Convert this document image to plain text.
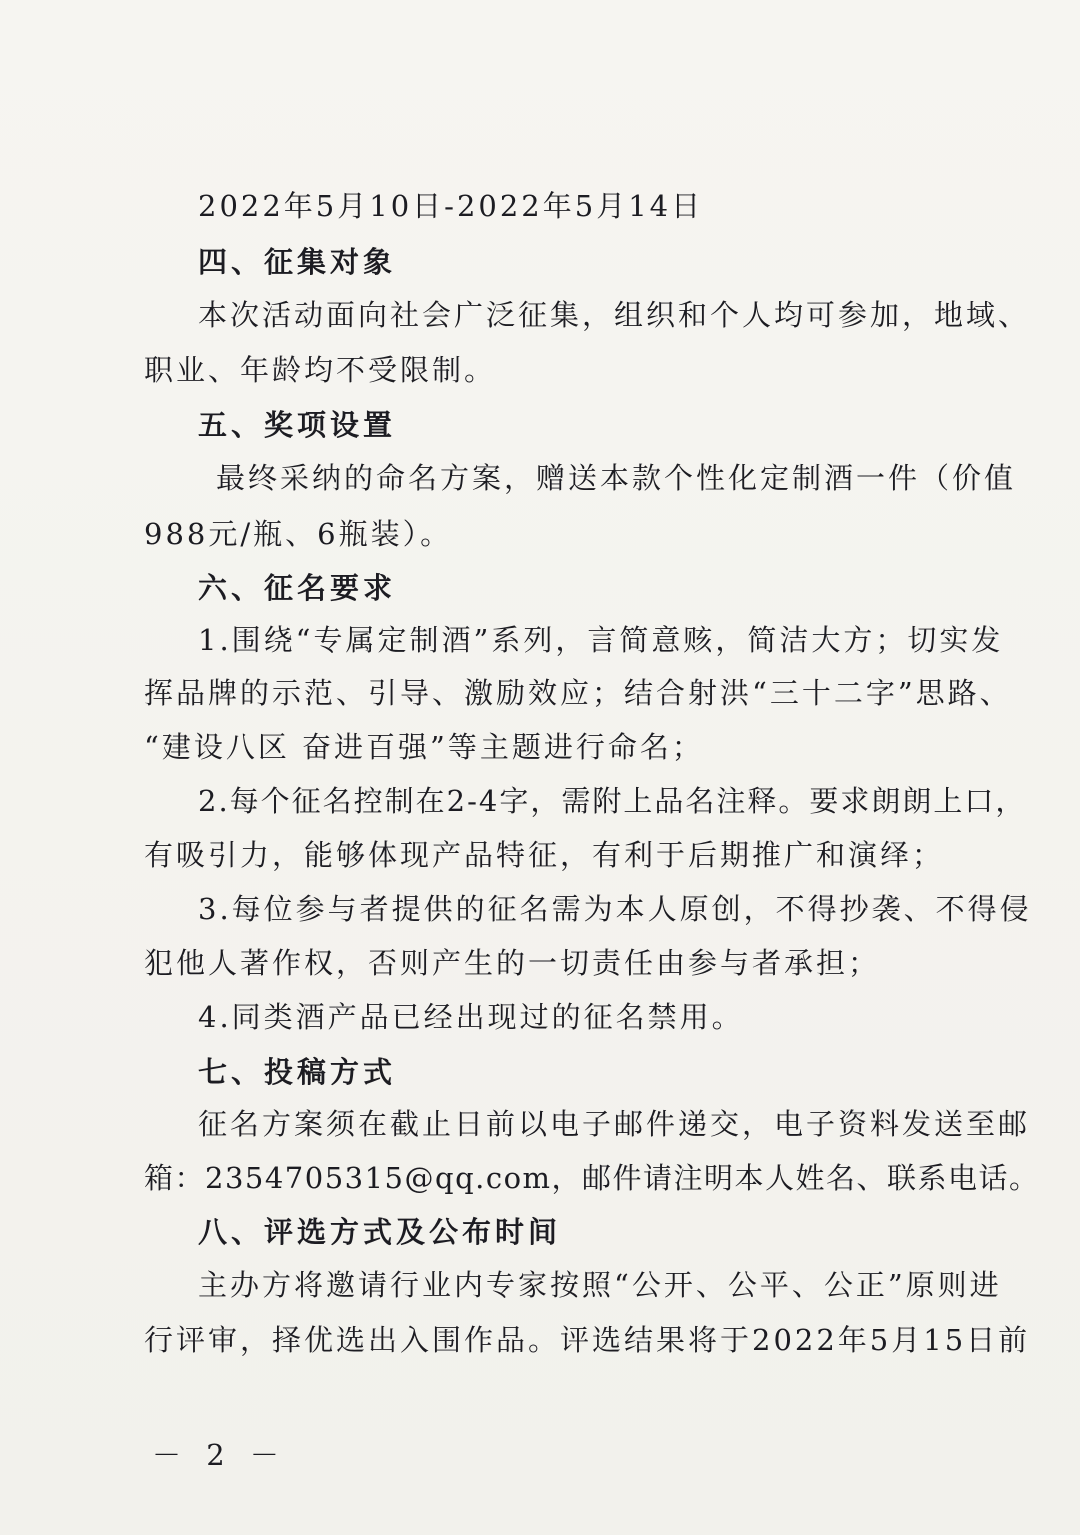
2022年5月10日-2022年5月14日
四、征集对象
本次活动面向社会广泛征集，组织和个人均可参加，地域、
职业、年龄均不受限制。
五、奖项设置
最终采纳的命名方案，赠送本款个性化定制酒一件（价值
988元/瓶、6瓶装）。
六、征名要求
1.围绕“专属定制酒”系列，言简意赅，简洁大方；切实发
挥品牌的示范、引导、激励效应；结合射洪“三十二字”思路、
“建设八区 奋进百强”等主题进行命名；
2.每个征名控制在2-4字，需附上品名注释。要求朗朗上口，
有吸引力，能够体现产品特征，有利于后期推广和演绎；
3.每位参与者提供的征名需为本人原创，不得抄袭、不得侵
犯他人著作权，否则产生的一切责任由参与者承担；
4.同类酒产品已经出现过的征名禁用。
七、投稿方式
征名方案须在截止日前以电子邮件递交，电子资料发送至邮
箱：2354705315@qq.com，邮件请注明本人姓名、联系电话。
八、评选方式及公布时间
主办方将邀请行业内专家按照“公开、公平、公正”原则进
行评审，择优选出入围作品。评选结果将于2022年5月15日前
－ 2 －
